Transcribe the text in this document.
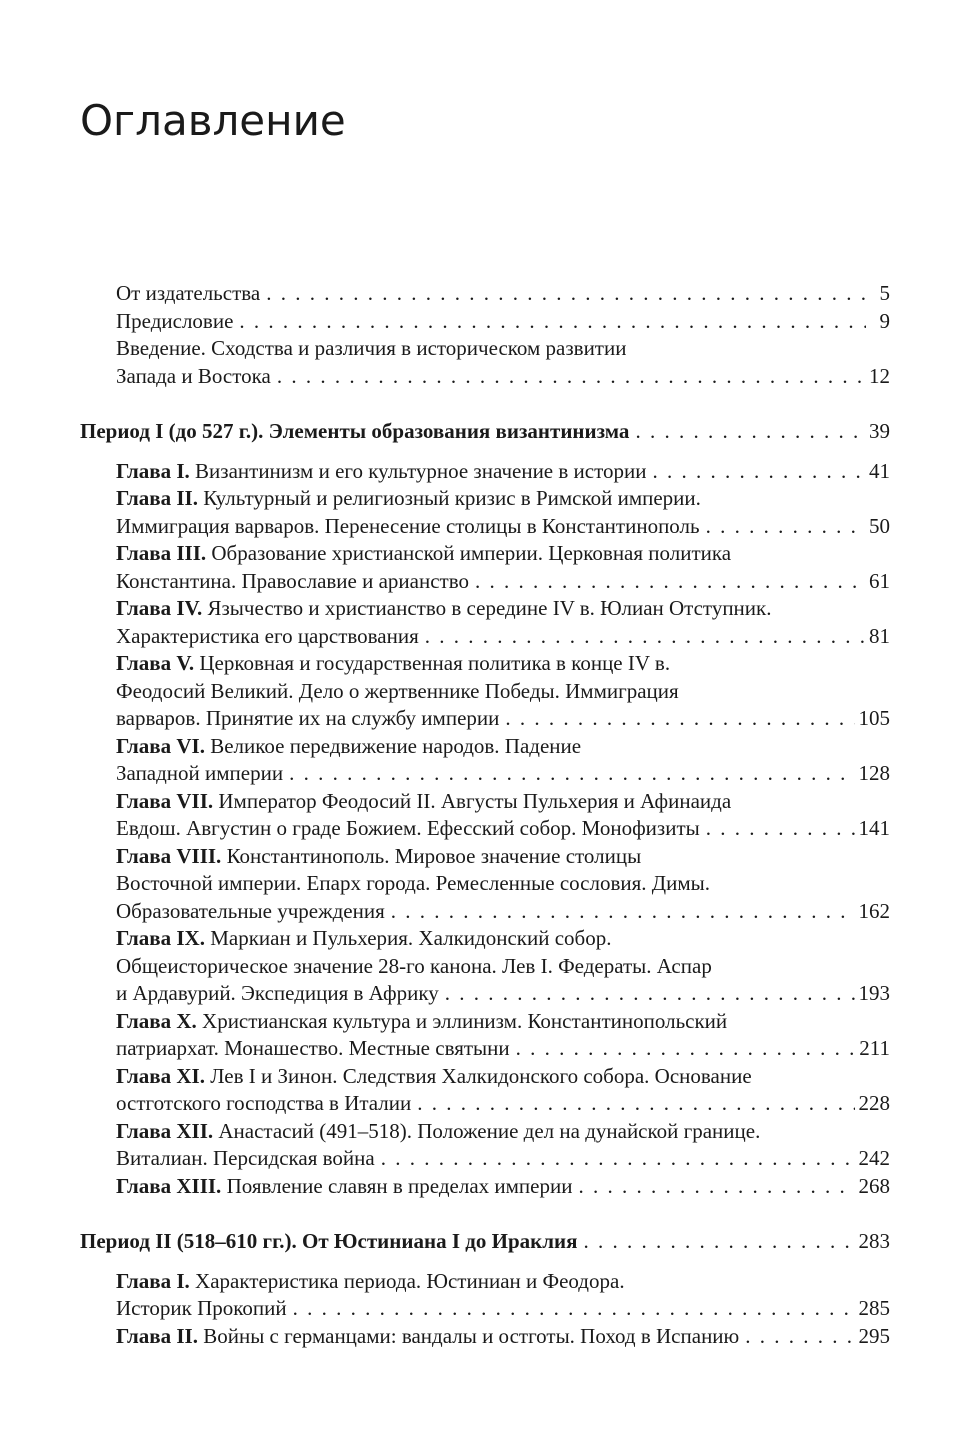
Оглавление
От издательства . . .	5
Предисловие . . .	9
Введение. Сходства и различия в историческом развитии
Запада и Востока . . .	12
Период I (до 527 г.). Элементы образования византинизма . . .	39
Глава I. Византинизм и его культурное значение в истории . . .	41
Глава II. Культурный и религиозный кризис в Римской империи.
Иммиграция варваров. Перенесение столицы в Константинополь . . .	50
Глава III. Образование христианской империи. Церковная политика
Константина. Православие и арианство . . .	61
Глава IV. Язычество и христианство в середине IV в. Юлиан Отступник.
Характеристика его царствования . . .	81
Глава V. Церковная и государственная политика в конце IV в.
Феодосий Великий. Дело о жертвеннике Победы. Иммиграция
варваров. Принятие их на службу империи . . .	105
Глава VI. Великое передвижение народов. Падение
Западной империи . . .	128
Глава VII. Император Феодосий II. Августы Пульхерия и Афинаида
Евдош. Августин о граде Божием. Ефесский собор. Монофизиты . . .	141
Глава VIII. Константинополь. Мировое значение столицы
Восточной империи. Епарх города. Ремесленные сословия. Димы.
Образовательные учреждения . . .	162
Глава IX. Маркиан и Пульхерия. Халкидонский собор.
Общеисторическое значение 28-го канона. Лев I. Федераты. Аспар
и Ардавурий. Экспедиция в Африку . . .	193
Глава X. Христианская культура и эллинизм. Константинопольский
патриархат. Монашество. Местные святыни . . .	211
Глава XI. Лев I и Зинон. Следствия Халкидонского собора. Основание
остготского господства в Италии . . .	228
Глава XII. Анастасий (491–518). Положение дел на дунайской границе.
Виталиан. Персидская война . . .	242
Глава XIII. Появление славян в пределах империи . . .	268
Период II (518–610 гг.). От Юстиниана I до Ираклия . . .	283
Глава I. Характеристика периода. Юстиниан и Феодора.
Историк Прокопий . . .	285
Глава II. Войны с германцами: вандалы и остготы. Поход в Испанию . . .	295
